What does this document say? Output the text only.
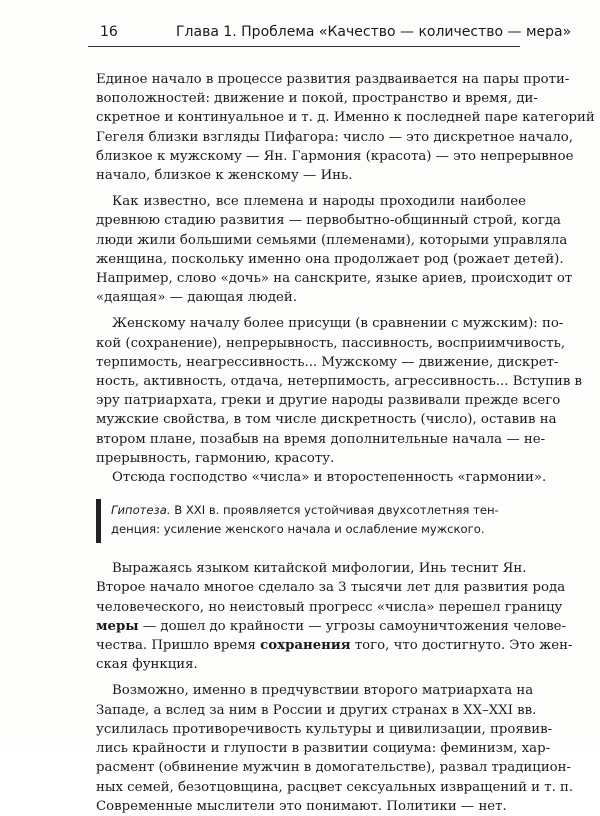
16	Глава 1. Проблема «Качество — количество — мера»

Единое начало в процессе развития раздваивается на пары проти-
воположностей: движение и покой, пространство и время, ди-
скретное и континуальное и т. д. Именно к последней паре категорий
Гегеля близки взгляды Пифагора: число — это дискретное начало,
близкое к мужскому — Ян. Гармония (красота) — это непрерывное
начало, близкое к женскому — Инь.

Как известно, все племена и народы проходили наиболее
древнюю стадию развития — первобытно-общинный строй, когда
люди жили большими семьями (племенами), которыми управляла
женщина, поскольку именно она продолжает род (рожает детей).
Например, слово «дочь» на санскрите, языке ариев, происходит от
«даящая» — дающая людей.

Женскому началу более присущи (в сравнении с мужским): по-
кой (сохранение), непрерывность, пассивность, восприимчивость,
терпимость, неагрессивность... Мужскому — движение, дискрет-
ность, активность, отдача, нетерпимость, агрессивность... Вступив в
эру патриархата, греки и другие народы развивали прежде всего
мужские свойства, в том числе дискретность (число), оставив на
втором плане, позабыв на время дополнительные начала — не-
прерывность, гармонию, красоту.

Отсюда господство «числа» и второстепенность «гармонии».

Гипотеза. В XXI в. проявляется устойчивая двухсотлетняя тен-
денция: усиление женского начала и ослабление мужского.

Выражаясь языком китайской мифологии, Инь теснит Ян.
Второе начало многое сделало за 3 тысячи лет для развития рода
человеческого, но неистовый прогресс «числа» перешел границу
меры — дошел до крайности — угрозы самоуничтожения челове-
чества. Пришло время сохранения того, что достигнуто. Это жен-
ская функция.

Возможно, именно в предчувствии второго матриархата на
Западе, а вслед за ним в России и других странах в XX–XXI вв.
усилилась противоречивость культуры и цивилизации, проявив-
лись крайности и глупости в развитии социума: феминизм, хар-
расмент (обвинение мужчин в домогательстве), развал традицион-
ных семей, безотцовщина, расцвет сексуальных извращений и т. п.
Современные мыслители это понимают. Политики — нет.
